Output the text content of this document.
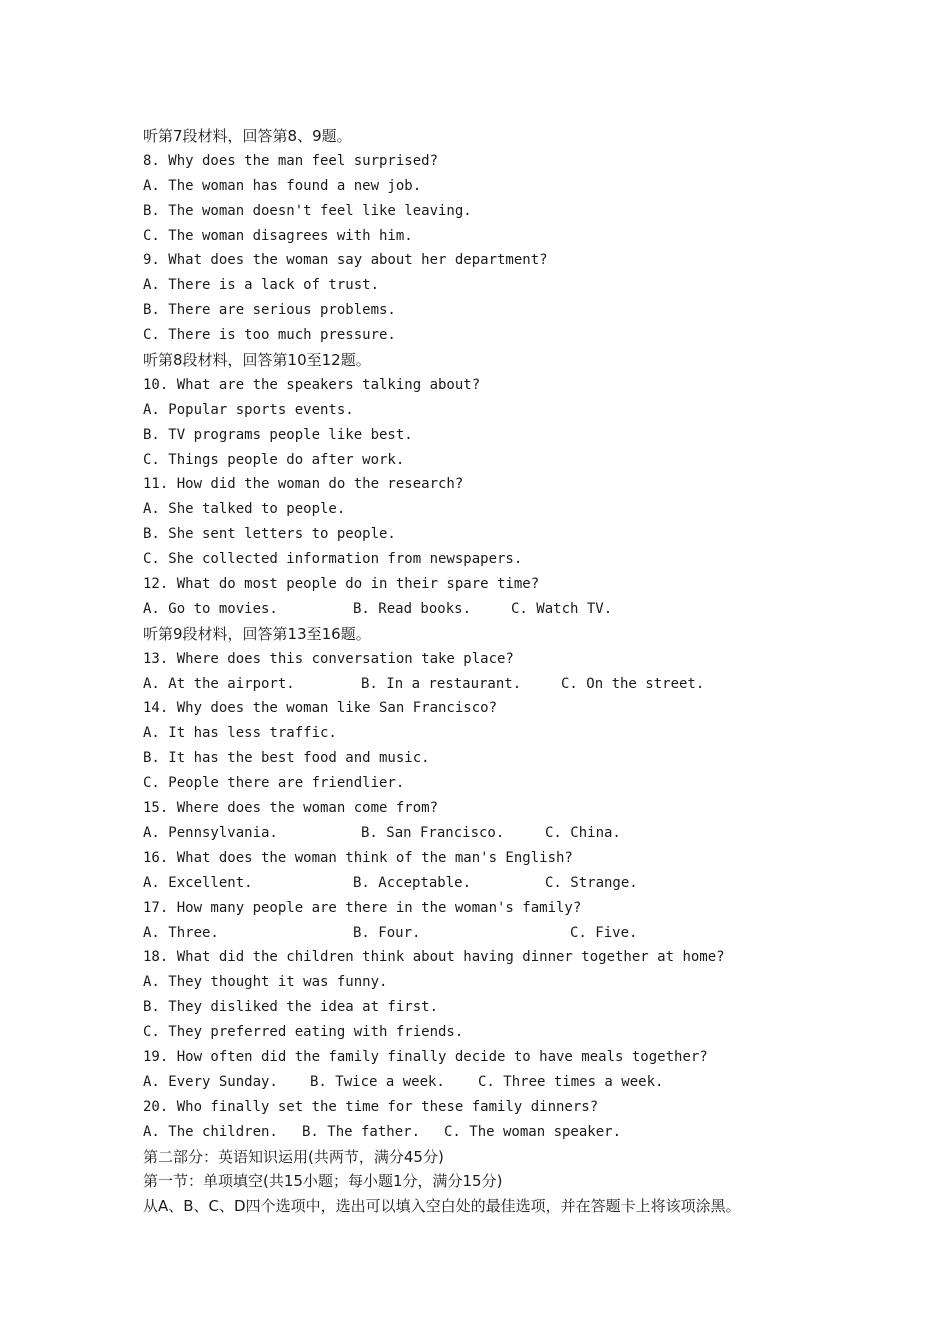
听第7段材料，回答第8、9题。
8. Why does the man feel surprised?
A. The woman has found a new job.
B. The woman doesn't feel like leaving.
C. The woman disagrees with him.
9. What does the woman say about her department?
A. There is a lack of trust.
B. There are serious problems.
C. There is too much pressure.
听第8段材料，回答第10至12题。
10. What are the speakers talking about?
A. Popular sports events.
B. TV programs people like best.
C. Things people do after work.
11. How did the woman do the research?
A. She talked to people.
B. She sent letters to people.
C. She collected information from newspapers.
12. What do most people do in their spare time?
A. Go to movies.	B. Read books.	C. Watch TV.
听第9段材料，回答第13至16题。
13. Where does this conversation take place?
A. At the airport.	B. In a restaurant.	C. On the street.
14. Why does the woman like San Francisco?
A. It has less traffic.
B. It has the best food and music.
C. People there are friendlier.
15. Where does the woman come from?
A. Pennsylvania.	B. San Francisco.	C. China.
16. What does the woman think of the man's English?
A. Excellent.	B. Acceptable.	C. Strange.
17. How many people are there in the woman's family?
A. Three.	B. Four.	C. Five.
18. What did the children think about having dinner together at home?
A. They thought it was funny.
B. They disliked the idea at first.
C. They preferred eating with friends.
19. How often did the family finally decide to have meals together?
A. Every Sunday. B. Twice a week. C. Three times a week.
20. Who finally set the time for these family dinners?
A. The children. B. The father. C. The woman speaker.
第二部分：英语知识运用(共两节，满分45分)
第一节：单项填空(共15小题；每小题1分，满分15分)
从A、B、C、D四个选项中，选出可以填入空白处的最佳选项，并在答题卡上将该项涂黑。
